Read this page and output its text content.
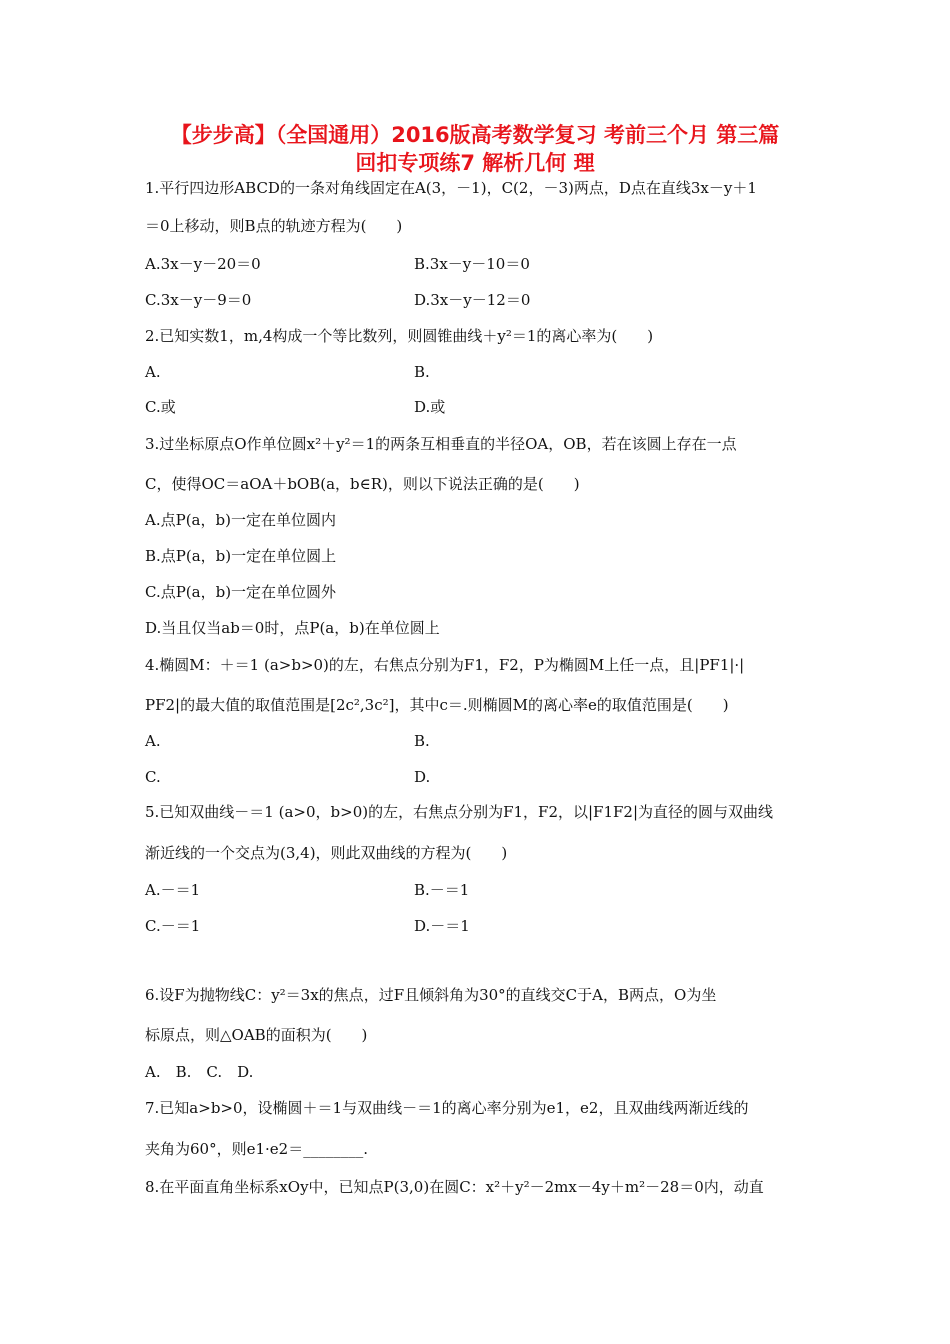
【步步高】（全国通用）2016版高考数学复习 考前三个月 第三篇
回扣专项练7 解析几何 理
1.平行四边形ABCD的一条对角线固定在A(3，－1)，C(2，－3)两点，D点在直线3x－y＋1
＝0上移动，则B点的轨迹方程为(　　)
A.3x－y－20＝0	B.3x－y－10＝0
C.3x－y－9＝0	D.3x－y－12＝0
2.已知实数1，m,4构成一个等比数列，则圆锥曲线＋y²＝1的离心率为(　　)
A.	B.
C.或	D.或
3.过坐标原点O作单位圆x²＋y²＝1的两条互相垂直的半径OA，OB，若在该圆上存在一点
C，使得OC＝aOA＋bOB(a，b∈R)，则以下说法正确的是(　　)
A.点P(a，b)一定在单位圆内
B.点P(a，b)一定在单位圆上
C.点P(a，b)一定在单位圆外
D.当且仅当ab＝0时，点P(a，b)在单位圆上
4.椭圆M：＋＝1 (a>b>0)的左，右焦点分别为F1，F2，P为椭圆M上任一点，且|PF1|·|
PF2|的最大值的取值范围是[2c²,3c²]，其中c＝.则椭圆M的离心率e的取值范围是(　　)
A.	B.
C.	D.
5.已知双曲线－＝1 (a>0，b>0)的左，右焦点分别为F1，F2，以|F1F2|为直径的圆与双曲线
渐近线的一个交点为(3,4)，则此双曲线的方程为(　　)
A.－＝1	B.－＝1
C.－＝1	D.－＝1
6.设F为抛物线C：y²＝3x的焦点，过F且倾斜角为30°的直线交C于A，B两点，O为坐
标原点，则△OAB的面积为(　　)
A.　B.　C.　D.
7.已知a>b>0，设椭圆＋＝1与双曲线－＝1的离心率分别为e1，e2，且双曲线两渐近线的
夹角为60°，则e1·e2＝________.
8.在平面直角坐标系xOy中，已知点P(3,0)在圆C：x²＋y²－2mx－4y＋m²－28＝0内，动直
